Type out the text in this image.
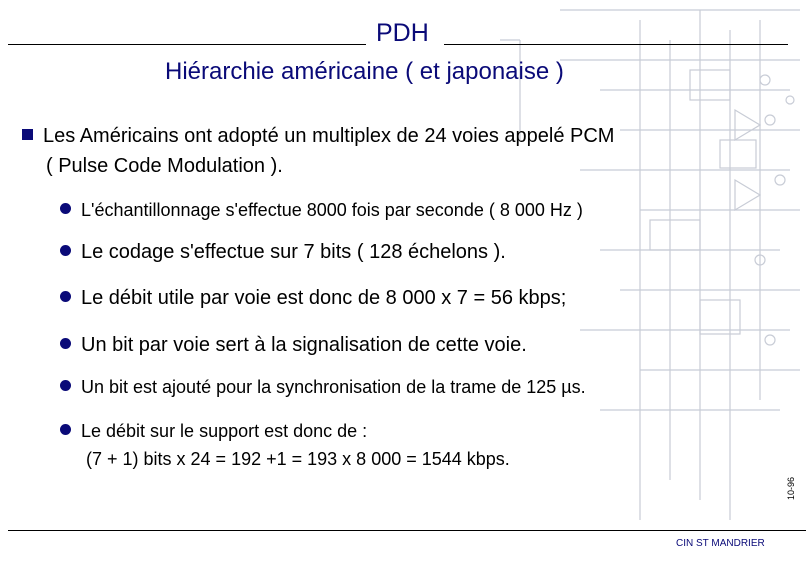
PDH
Hiérarchie américaine ( et japonaise )
Les Américains ont adopté un multiplex de 24 voies appelé PCM
( Pulse Code Modulation ).
L'échantillonnage s'effectue 8000 fois par seconde ( 8 000 Hz )
Le codage s'effectue sur 7 bits ( 128 échelons ).
Le débit utile par voie est donc de 8 000 x 7 = 56 kbps;
Un bit par voie sert à la signalisation de cette voie.
Un bit est ajouté pour la synchronisation de la trame de 125 µs.
Le débit sur le support est donc de :
(7 + 1) bits x 24 = 192 +1 = 193 x 8 000 = 1544 kbps.
10-96
CIN ST MANDRIER
